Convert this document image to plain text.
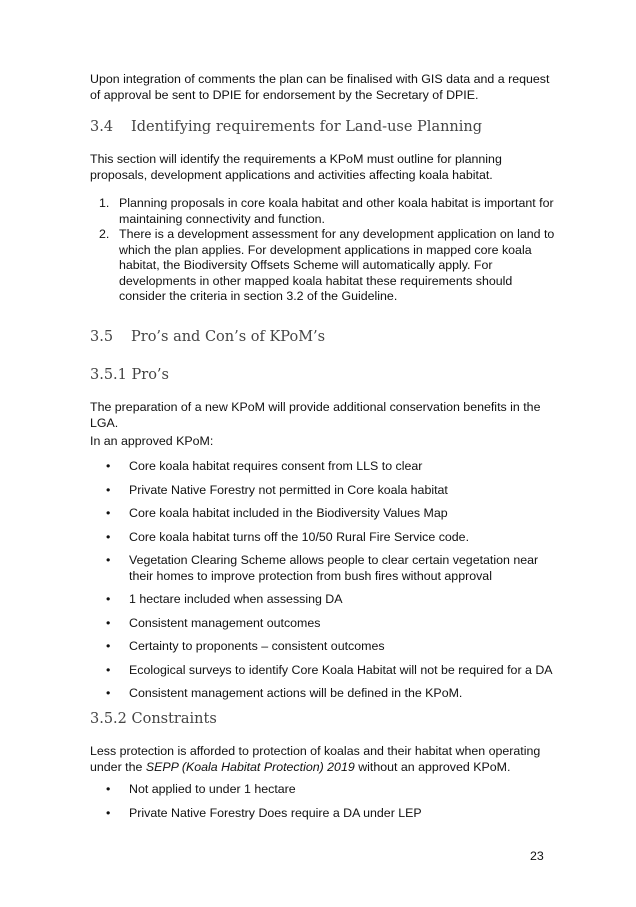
Upon integration of comments the plan can be finalised with GIS data and a request of approval be sent to DPIE for endorsement by the Secretary of DPIE.

3.4 Identifying requirements for Land-use Planning

This section will identify the requirements a KPoM must outline for planning proposals, development applications and activities affecting koala habitat.

1. Planning proposals in core koala habitat and other koala habitat is important for maintaining connectivity and function.
2. There is a development assessment for any development application on land to which the plan applies. For development applications in mapped core koala habitat, the Biodiversity Offsets Scheme will automatically apply. For developments in other mapped koala habitat these requirements should consider the criteria in section 3.2 of the Guideline.
3.5 Pro’s and Con’s of KPoM’s
3.5.1 Pro’s

The preparation of a new KPoM will provide additional conservation benefits in the LGA.

In an approved KPoM:

• Core koala habitat requires consent from LLS to clear
• Private Native Forestry not permitted in Core koala habitat
• Core koala habitat included in the Biodiversity Values Map
• Core koala habitat turns off the 10/50 Rural Fire Service code.
• Vegetation Clearing Scheme allows people to clear certain vegetation near their homes to improve protection from bush fires without approval
• 1 hectare included when assessing DA
• Consistent management outcomes
• Certainty to proponents – consistent outcomes
• Ecological surveys to identify Core Koala Habitat will not be required for a DA
• Consistent management actions will be defined in the KPoM.
3.5.2 Constraints

Less protection is afforded to protection of koalas and their habitat when operating under the SEPP (Koala Habitat Protection) 2019 without an approved KPoM.

• Not applied to under 1 hectare
• Private Native Forestry Does require a DA under LEP
23
